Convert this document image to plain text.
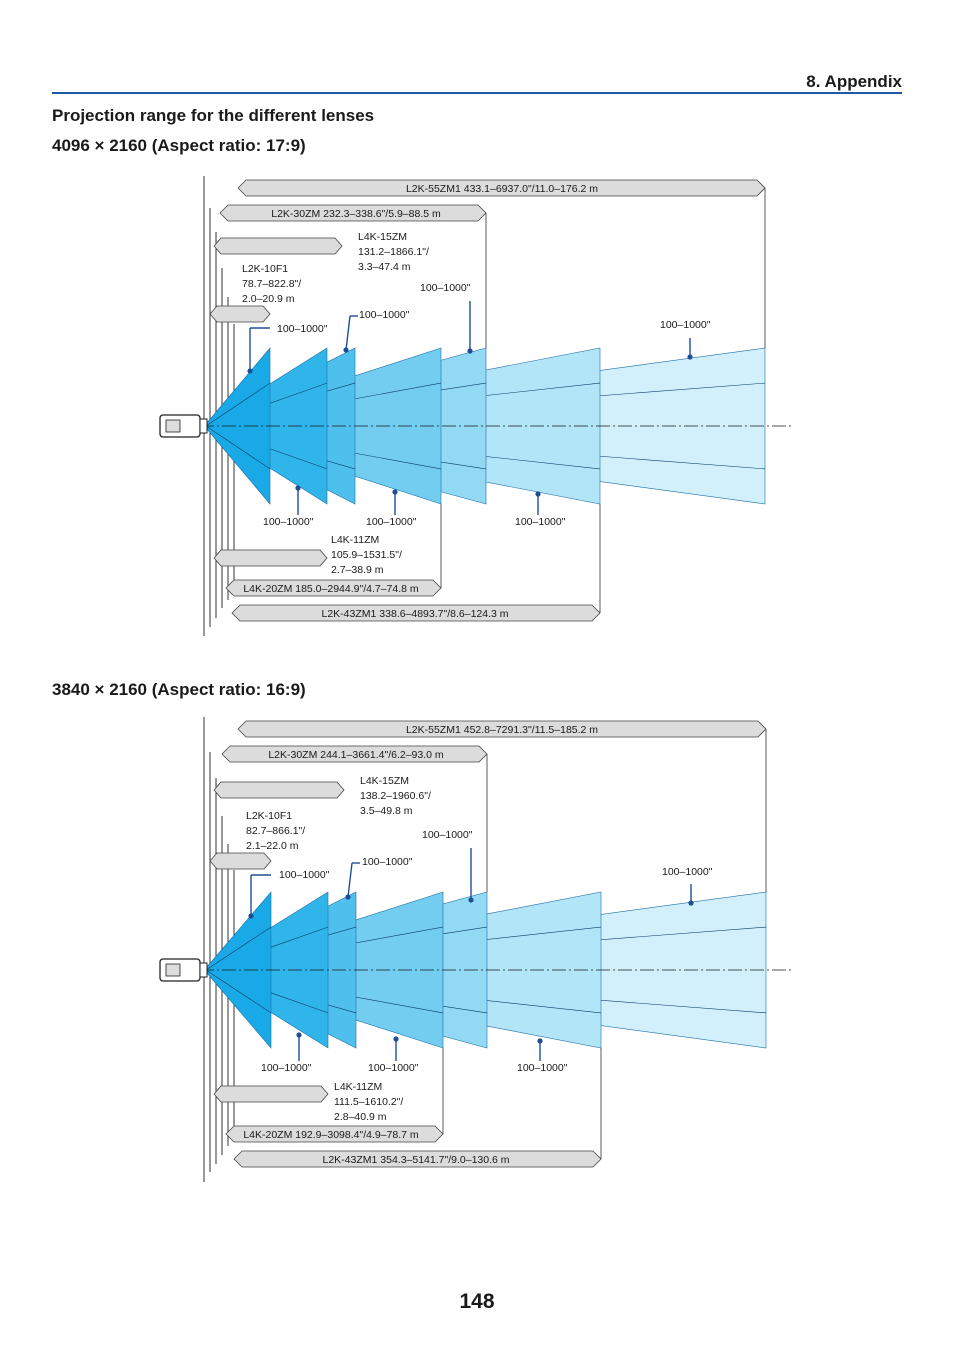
8. Appendix
Projection range for the different lenses
4096 × 2160 (Aspect ratio: 17:9)
L2K-55ZM1 433.1–6937.0"/11.0–176.2 m
L2K-30ZM 232.3–338.6"/5.9–88.5 m
L4K-20ZM 185.0–2944.9"/4.7–74.8 m
L2K-43ZM1 338.6–4893.7"/8.6–124.3 m
L4K-15ZM
131.2–1866.1"/
3.3–47.4 m
L2K-10F1
78.7–822.8"/
2.0–20.9 m
L4K-11ZM
105.9–1531.5"/
2.7–38.9 m
100–1000"
100–1000"
100–1000"
100–1000"
100–1000"	100–1000"	100–1000"
3840 × 2160 (Aspect ratio: 16:9)
L2K-55ZM1 452.8–7291.3"/11.5–185.2 m
L2K-30ZM 244.1–3661.4"/6.2–93.0 m
L4K-20ZM 192.9–3098.4"/4.9–78.7 m
L2K-43ZM1 354.3–5141.7"/9.0–130.6 m
L4K-15ZM
138.2–1960.6"/
3.5–49.8 m
L2K-10F1
82.7–866.1"/
2.1–22.0 m
L4K-11ZM
111.5–1610.2"/
2.8–40.9 m
100–1000"
100–1000"
100–1000"
100–1000"
100–1000"	100–1000"	100–1000"
148
